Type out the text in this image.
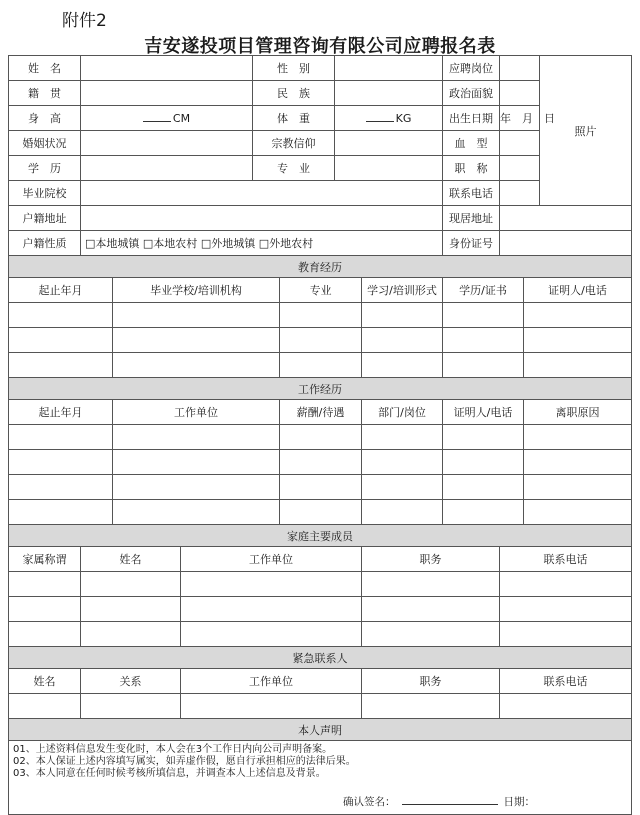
附件2
吉安遂投项目管理咨询有限公司应聘报名表
姓　名				性　别				应聘岗位			照片
籍　贯				民　族				政治面貌			
身　高	CM			体　重		KG		出生日期	年　月　日		
婚姻状况				宗教信仰				血　型			
学　历				专　业				职　称			
毕业院校								联系电话			
户籍地址								现居地址			
户籍性质	□本地城镇 □本地农村 □外地城镇 □外地农村							身份证号			
教育经历											
起止年月		毕业学校/培训机构			专业		学习/培训形式	学历/证书		证明人/电话	

工作经历											
起止年月		工作单位			薪酬/待遇		部门/岗位	证明人/电话		离职原因	

家庭主要成员											
家属称谓	姓名		工作单位				职务		联系电话		

紧急联系人											
姓名	关系		工作单位				职务		联系电话		

本人声明											

01、上述资料信息发生变化时，本人会在3个工作日内向公司声明备案。
02、本人保证上述内容填写属实，如弄虚作假，愿自行承担相应的法律后果。
03、本人同意在任何时候考核所填信息，并调查本人上述信息及背景。
确认签名： 日期：											
